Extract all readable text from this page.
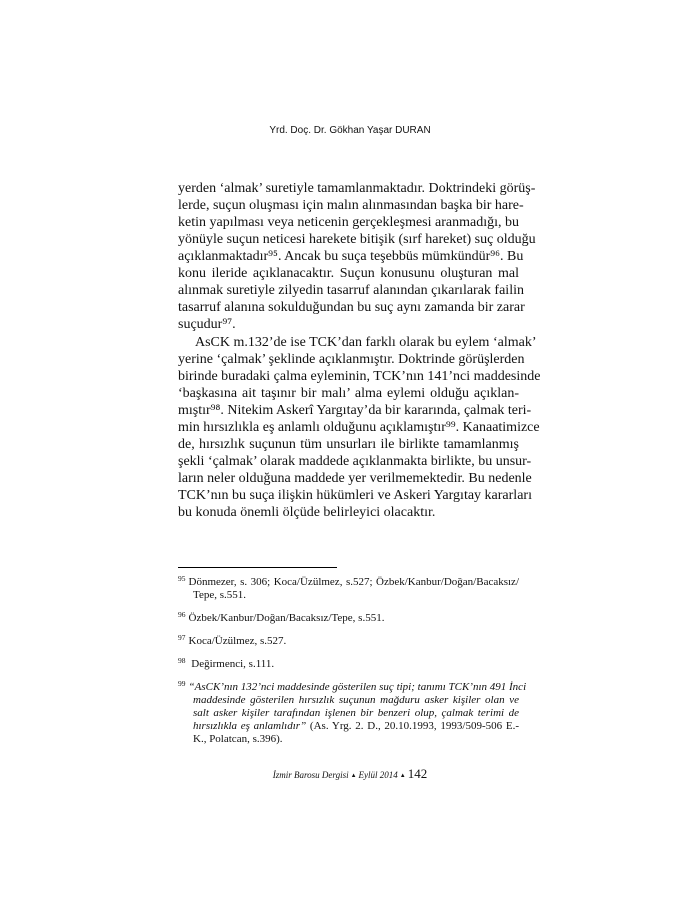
Yrd. Doç. Dr. Gökhan Yaşar DURAN
yerden ‘almak’ suretiyle tamamlanmaktadır. Doktrindeki görüş-
lerde, suçun oluşması için malın alınmasından başka bir hare-
ketin yapılması veya neticenin gerçekleşmesi aranmadığı, bu
yönüyle suçun neticesi harekete bitişik (sırf hareket) suç olduğu
açıklanmaktadır⁹⁵. Ancak bu suça teşebbüs mümkündür⁹⁶. Bu
konu ileride açıklanacaktır. Suçun konusunu oluşturan mal
alınmak suretiyle zilyedin tasarruf alanından çıkarılarak failin
tasarruf alanına sokulduğundan bu suç aynı zamanda bir zarar
suçudur⁹⁷.
AsCK m.132’de ise TCK’dan farklı olarak bu eylem ‘almak’
yerine ‘çalmak’ şeklinde açıklanmıştır. Doktrinde görüşlerden
birinde buradaki çalma eyleminin, TCK’nın 141’nci maddesinde
‘başkasına ait taşınır bir malı’ alma eylemi olduğu açıklan-
mıştır⁹⁸. Nitekim Askerî Yargıtay’da bir kararında, çalmak teri-
min hırsızlıkla eş anlamlı olduğunu açıklamıştır⁹⁹. Kanaatimizce
de, hırsızlık suçunun tüm unsurları ile birlikte tamamlanmış
şekli ‘çalmak’ olarak maddede açıklanmakta birlikte, bu unsur-
ların neler olduğuna maddede yer verilmemektedir. Bu nedenle
TCK’nın bu suça ilişkin hükümleri ve Askeri Yargıtay kararları
bu konuda önemli ölçüde belirleyici olacaktır.
$^{95}$ Dönmezer, s. 306; Koca/Üzülmez, s.527; Özbek/Kanbur/Doğan/Bacaksız/
Tepe, s.551.
$^{96}$ Özbek/Kanbur/Doğan/Bacaksız/Tepe, s.551.
$^{97}$ Koca/Üzülmez, s.527.
$^{98}$ Değirmenci, s.111.
$^{99}$ “AsCK’nın 132’nci maddesinde gösterilen suç tipi; tanımı TCK’nın 491 İnci
maddesinde gösterilen hırsızlık suçunun mağduru asker kişiler olan ve
salt asker kişiler tarafından işlenen bir benzeri olup, çalmak terimi de
hırsızlıkla eş anlamlıdır” (As. Yrg. 2. D., 20.10.1993, 1993/509-506 E.-
K., Polatcan, s.396).
İzmir Barosu Dergisi ▲ Eylül 2014 ▲ 142
